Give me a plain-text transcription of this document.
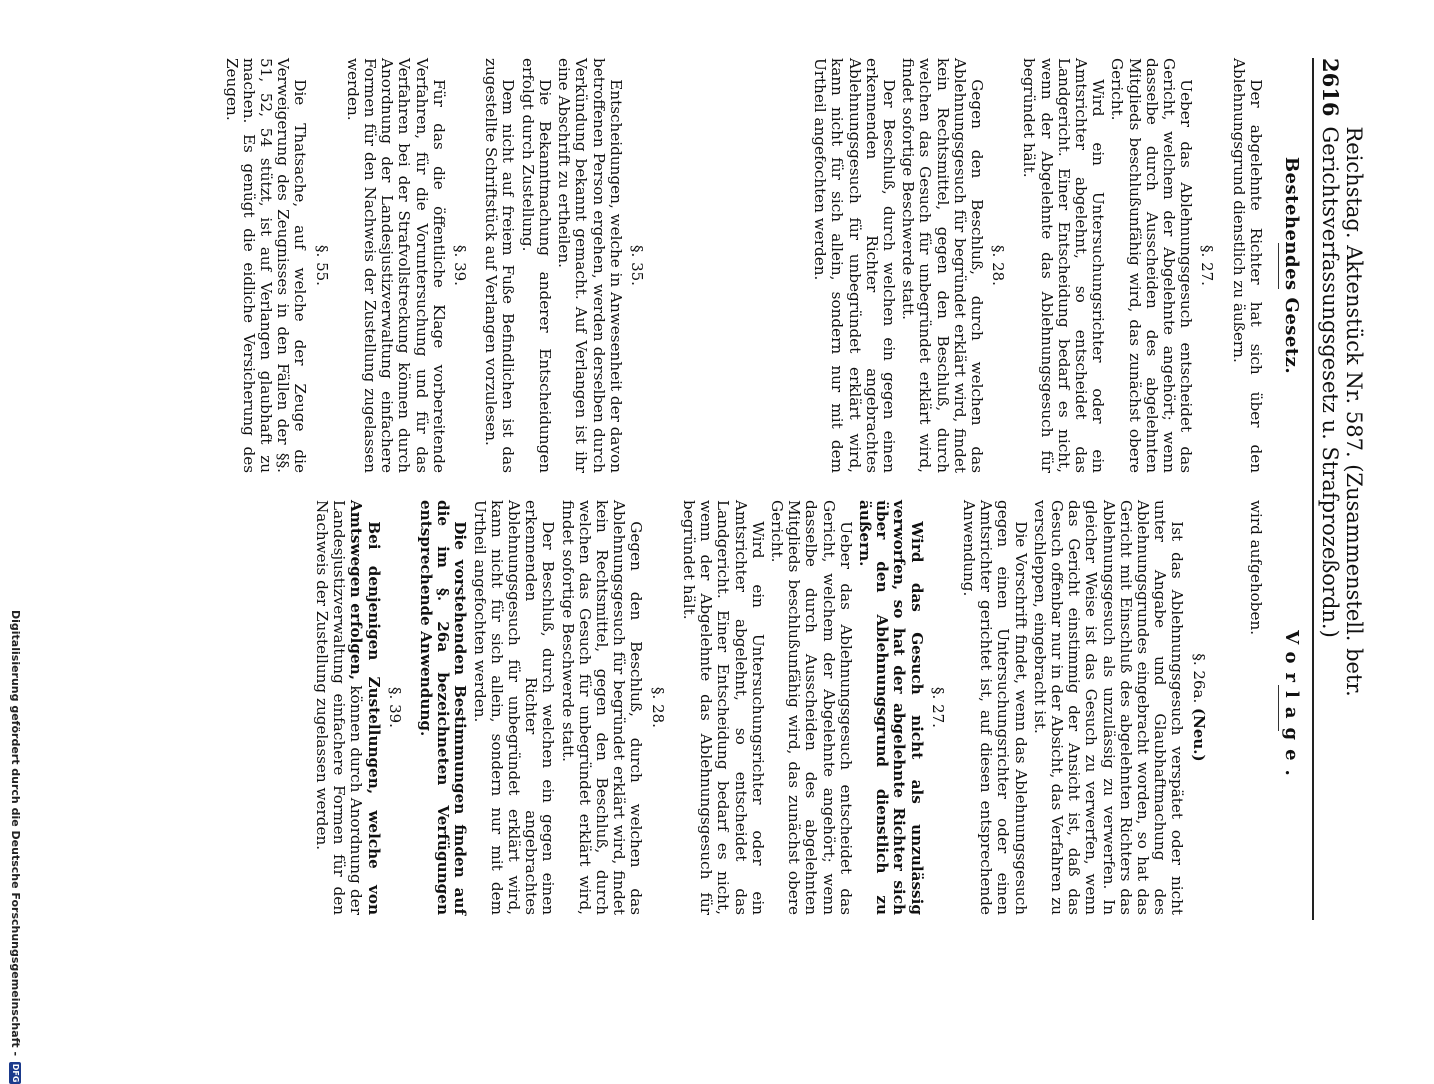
2616
Reichstag. Aktenstück Nr. 587. (Zusammenstell. betr. Gerichtsverfassungsgesetz u. Strafprozeßordn.)
Bestehendes Gesetz.

Der abgelehnte Richter hat sich über den Ablehnungsgrund dienstlich zu äußern.

§. 27.

Ueber das Ablehnungsgesuch entscheidet das Gericht, welchem der Abgelehnte angehört; wenn dasselbe durch Ausscheiden des abgelehnten Mitglieds beschlußunfähig wird, das zunächst obere Gericht.

Wird ein Untersuchungsrichter oder ein Amtsrichter abgelehnt, so entscheidet das Landgericht. Einer Entscheidung bedarf es nicht, wenn der Abgelehnte das Ablehnungsgesuch für begründet hält.

§. 28.

Gegen den Beschluß, durch welchen das Ablehnungsgesuch für begründet erklärt wird, findet kein Rechtsmittel, gegen den Beschluß, durch welchen das Gesuch für unbegründet erklärt wird, findet sofortige Beschwerde statt.

Der Beschluß, durch welchen ein gegen einen erkennenden Richter angebrachtes Ablehnungsgesuch für unbegründet erklärt wird, kann nicht für sich allein, sondern nur mit dem Urtheil angefochten werden.

§. 35.

Entscheidungen, welche in Anwesenheit der davon betroffenen Person ergehen, werden derselben durch Verkündung bekannt gemacht. Auf Verlangen ist ihr eine Abschrift zu ertheilen.

Die Bekanntmachung anderer Entscheidungen erfolgt durch Zustellung.

Dem nicht auf freiem Fuße Befindlichen ist das zugestellte Schriftstück auf Verlangen vorzulesen.

§. 39.

Für das die öffentliche Klage vorbereitende Verfahren, für die Voruntersuchung und für das Verfahren bei der Strafvollstreckung können durch Anordnung der Landesjustizverwaltung einfachere Formen für den Nachweis der Zustellung zugelassen werden.

§. 55.

Die Thatsache, auf welche der Zeuge die Verweigerung des Zeugnisses in den Fällen der §§. 51, 52, 54 stützt, ist auf Verlangen glaubhaft zu machen. Es genügt die eidliche Versicherung des Zeugen.

Vorlage.

wird aufgehoben.

§. 26a. (Neu.)

Ist das Ablehnungsgesuch verspätet oder nicht unter Angabe und Glaubhaftmachung des Ablehnungsgrundes eingebracht worden, so hat das Gericht mit Einschluß des abgelehnten Richters das Ablehnungsgesuch als unzulässig zu verwerfen. In gleicher Weise ist das Gesuch zu verwerfen, wenn das Gericht einstimmig der Ansicht ist, daß das Gesuch offenbar nur in der Absicht, das Verfahren zu verschleppen, eingebracht ist.

Die Vorschrift findet, wenn das Ablehnungsgesuch gegen einen Untersuchungsrichter oder einen Amtsrichter gerichtet ist, auf diesen entsprechende Anwendung.

§. 27.

Wird das Gesuch nicht als unzulässig verworfen, so hat der abgelehnte Richter sich über den Ablehnungsgrund dienstlich zu äußern.

Ueber das Ablehnungsgesuch entscheidet das Gericht, welchem der Abgelehnte angehört; wenn dasselbe durch Ausscheiden des abgelehnten Mitglieds beschlußunfähig wird, das zunächst obere Gericht.

Wird ein Untersuchungsrichter oder ein Amtsrichter abgelehnt, so entscheidet das Landgericht. Einer Entscheidung bedarf es nicht, wenn der Abgelehnte das Ablehnungsgesuch für begründet hält.

§. 28.

Gegen den Beschluß, durch welchen das Ablehnungsgesuch für begründet erklärt wird, findet kein Rechtsmittel, gegen den Beschluß, durch welchen das Gesuch für unbegründet erklärt wird, findet sofortige Beschwerde statt.

Der Beschluß, durch welchen ein gegen einen erkennenden Richter angebrachtes Ablehnungsgesuch für unbegründet erklärt wird, kann nicht für sich allein, sondern nur mit dem Urtheil angefochten werden.

Die vorstehenden Bestimmungen finden auf die im §. 26a bezeichneten Verfügungen entsprechende Anwendung.

§. 39.

Bei denjenigen Zustellungen, welche von Amtswegen erfolgen, können durch Anordnung der Landesjustizverwaltung einfachere Formen für den Nachweis der Zustellung zugelassen werden.

Digitalisierung gefördert durch die Deutsche Forschungsgemeinschaft -
DFG
